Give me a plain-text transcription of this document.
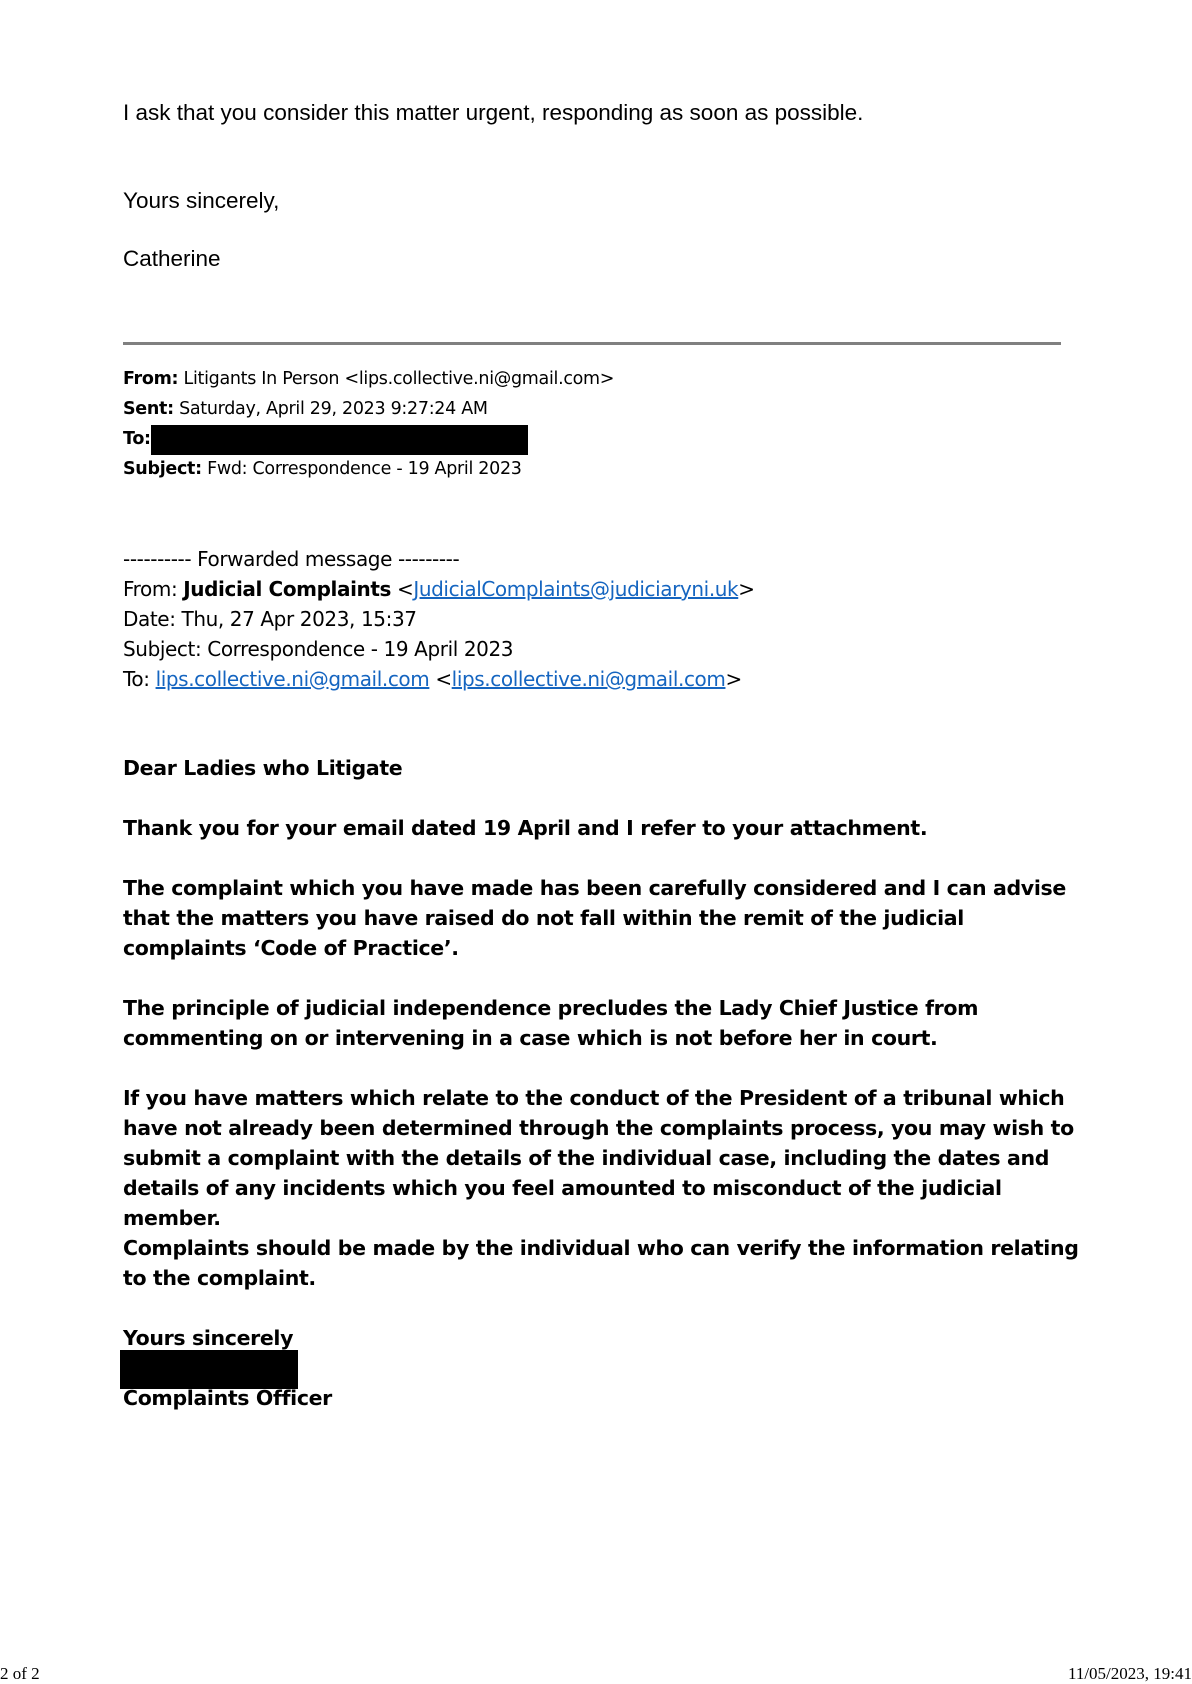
I ask that you consider this matter urgent, responding as soon as possible.
Yours sincerely,
Catherine
From: Litigants In Person <lips.collective.ni@gmail.com>
Sent: Saturday, April 29, 2023 9:27:24 AM
To:
Subject: Fwd: Correspondence - 19 April 2023
---------- Forwarded message ---------
From: Judicial Complaints <JudicialComplaints@judiciaryni.uk>
Date: Thu, 27 Apr 2023, 15:37
Subject: Correspondence - 19 April 2023
To: lips.collective.ni@gmail.com <lips.collective.ni@gmail.com>
Dear Ladies who Litigate
Thank you for your email dated 19 April and I refer to your attachment.
The complaint which you have made has been carefully considered and I can advise that the matters you have raised do not fall within the remit of the judicial complaints ‘Code of Practice’.
The principle of judicial independence precludes the Lady Chief Justice from commenting on or intervening in a case which is not before her in court.
If you have matters which relate to the conduct of the President of a tribunal which have not already been determined through the complaints process, you may wish to submit a complaint with the details of the individual case, including the dates and details of any incidents which you feel amounted to misconduct of the judicial member.
Complaints should be made by the individual who can verify the information relating to the complaint.
Yours sincerely
Complaints Officer
2 of 2	11/05/2023, 19:41
